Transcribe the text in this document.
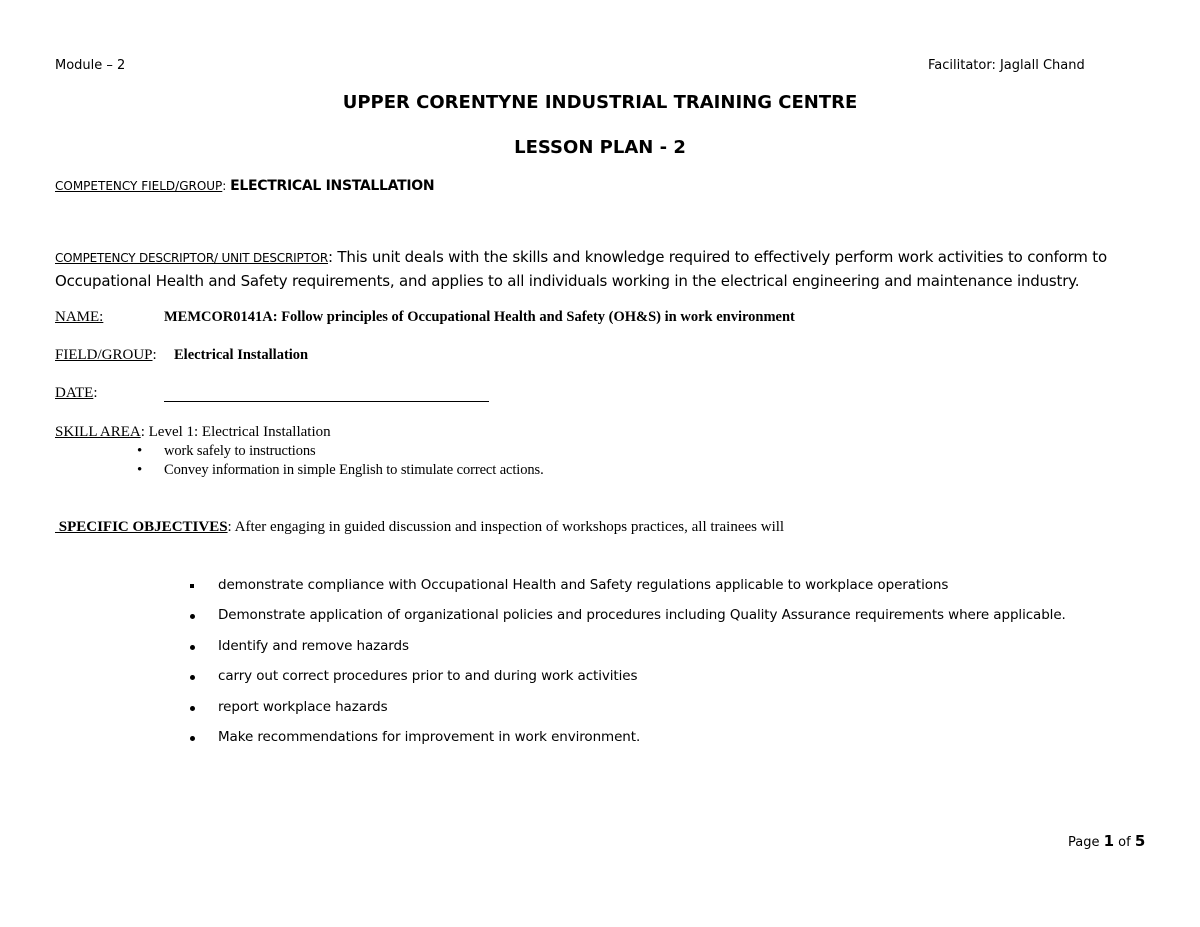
Module – 2	Facilitator: Jaglall Chand
UPPER CORENTYNE INDUSTRIAL TRAINING CENTRE
LESSON PLAN - 2
COMPETENCY FIELD/GROUP: ELECTRICAL INSTALLATION
COMPETENCY DESCRIPTOR/ UNIT DESCRIPTOR: This unit deals with the skills and knowledge required to effectively perform work activities to conform to Occupational Health and Safety requirements, and applies to all individuals working in the electrical engineering and maintenance industry.
NAME:	MEMCOR0141A: Follow principles of Occupational Health and Safety (OH&S) in work environment
FIELD/GROUP: Electrical Installation
DATE:
SKILL AREA: Level 1: Electrical Installation
• work safely to instructions
• Convey information in simple English to stimulate correct actions.
SPECIFIC OBJECTIVES: After engaging in guided discussion and inspection of workshops practices, all trainees will
demonstrate compliance with Occupational Health and Safety regulations applicable to workplace operations
Demonstrate application of organizational policies and procedures including Quality Assurance requirements where applicable.
Identify and remove hazards
carry out correct procedures prior to and during work activities
report workplace hazards
Make recommendations for improvement in work environment.
Page 1 of 5
